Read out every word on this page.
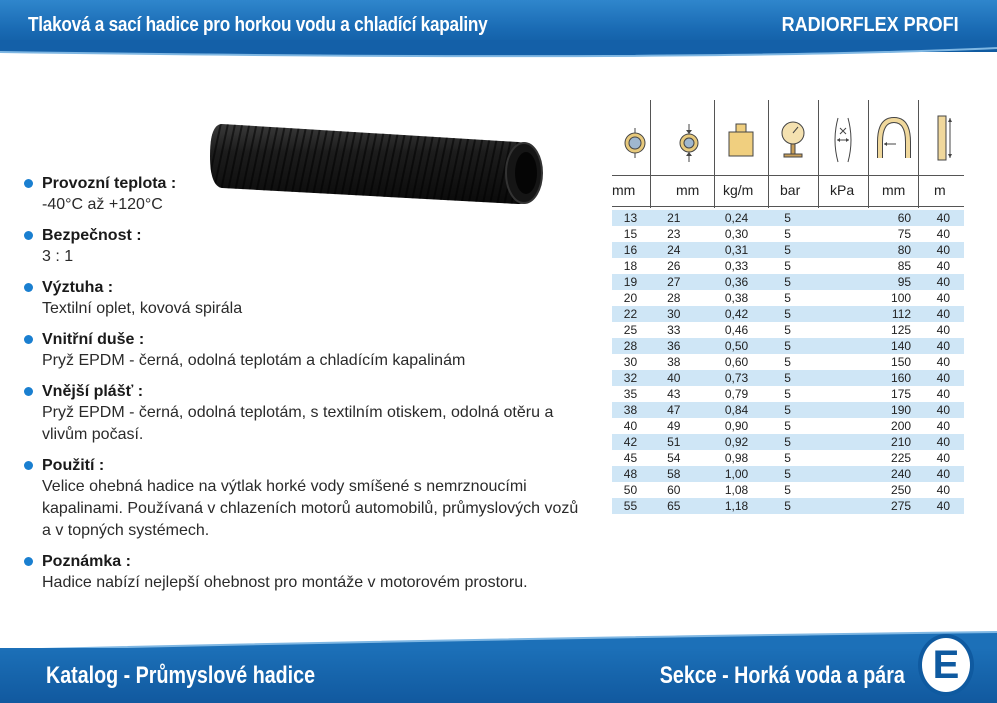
Tlaková a sací hadice pro horkou vodu a chladící kapaliny	RADIORFLEX PROFI
Provozní teplota :
-40°C až +120°C
Bezpečnost :
3 : 1
Výztuha :
Textilní oplet, kovová spirála
Vnitřní duše :
Pryž EPDM - černá, odolná teplotám a chladícím kapalinám
Vnější plášť :
Pryž EPDM - černá, odolná teplotám, s textilním otiskem, odolná otěru a vlivům počasí.
Použití :
Velice ohebná hadice na výtlak horké vody smíšené s nemrznoucími kapalinami. Používaná v chlazeních motorů automobilů, průmyslových vozů a v topných systémech.
Poznámka :
Hadice nabízí nejlepší ohebnost pro montáže v motorovém prostoru.
mm	mm kg/m bar kPa mm m
13	21	0,24	5		60	40
15	23	0,30	5		75	40
16	24	0,31	5		80	40
18	26	0,33	5		85	40
19	27	0,36	5		95	40
20	28	0,38	5		100	40
22	30	0,42	5		112	40
25	33	0,46	5		125	40
28	36	0,50	5		140	40
30	38	0,60	5		150	40
32	40	0,73	5		160	40
35	43	0,79	5		175	40
38	47	0,84	5		190	40
40	49	0,90	5		200	40
42	51	0,92	5		210	40
45	54	0,98	5		225	40
48	58	1,00	5		240	40
50	60	1,08	5		250	40
55	65	1,18	5		275	40
Katalog - Průmyslové hadice	Sekce - Horká voda a pára E
